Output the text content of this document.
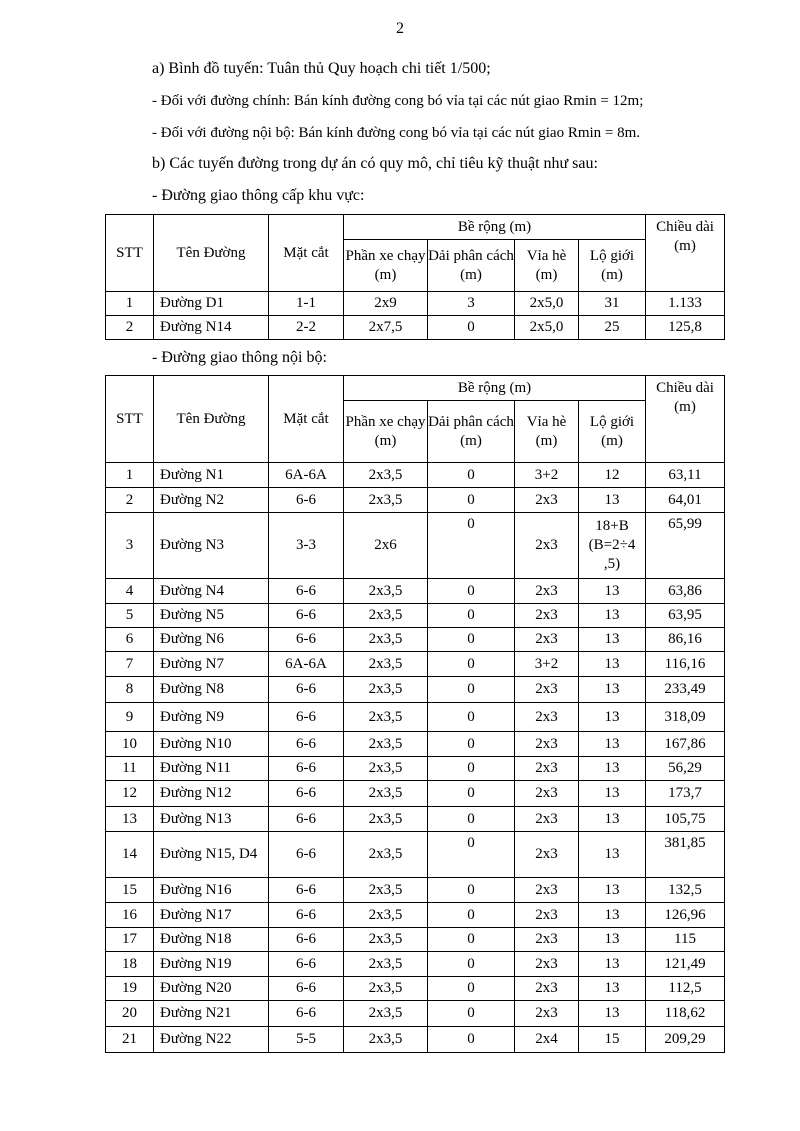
2
a) Bình đồ tuyến: Tuân thủ Quy hoạch chi tiết 1/500;
- Đối với đường chính: Bán kính đường cong bó vỉa tại các nút giao Rmin = 12m;
- Đối với đường nội bộ: Bán kính đường cong bó vỉa tại các nút giao Rmin = 8m.
b) Các tuyến đường trong dự án có quy mô, chỉ tiêu kỹ thuật như sau:
- Đường giao thông cấp khu vực:
STT	Tên Đường	Mặt cắt	Bề rộng (m)				Chiều dài (m)
			Phần xe chạy (m)	Dải phân cách (m)	Vỉa hè (m)	Lộ giới (m)	
1	Đường D1	1-1	2x9	3	2x5,0	31	1.133
2	Đường N14	2-2	2x7,5	0	2x5,0	25	125,8
- Đường giao thông nội bộ:
STT	Tên Đường	Mặt cắt	Bề rộng (m)				Chiều dài (m)
			Phần xe chạy (m)	Dải phân cách (m)	Vỉa hè (m)	Lộ giới (m)	
1	Đường N1	6A-6A	2x3,5	0	3+2	12	63,11
2	Đường N2	6-6	2x3,5	0	2x3	13	64,01
3	Đường N3	3-3	2x6	0	2x3	18+B (B=2÷4 ,5)	65,99
4	Đường N4	6-6	2x3,5	0	2x3	13	63,86
5	Đường N5	6-6	2x3,5	0	2x3	13	63,95
6	Đường N6	6-6	2x3,5	0	2x3	13	86,16
7	Đường N7	6A-6A	2x3,5	0	3+2	13	116,16
8	Đường N8	6-6	2x3,5	0	2x3	13	233,49
9	Đường N9	6-6	2x3,5	0	2x3	13	318,09
10	Đường N10	6-6	2x3,5	0	2x3	13	167,86
11	Đường N11	6-6	2x3,5	0	2x3	13	56,29
12	Đường N12	6-6	2x3,5	0	2x3	13	173,7
13	Đường N13	6-6	2x3,5	0	2x3	13	105,75
14	Đường N15, D4	6-6	2x3,5	0	2x3	13	381,85
15	Đường N16	6-6	2x3,5	0	2x3	13	132,5
16	Đường N17	6-6	2x3,5	0	2x3	13	126,96
17	Đường N18	6-6	2x3,5	0	2x3	13	115
18	Đường N19	6-6	2x3,5	0	2x3	13	121,49
19	Đường N20	6-6	2x3,5	0	2x3	13	112,5
20	Đường N21	6-6	2x3,5	0	2x3	13	118,62
21	Đường N22	5-5	2x3,5	0	2x4	15	209,29
